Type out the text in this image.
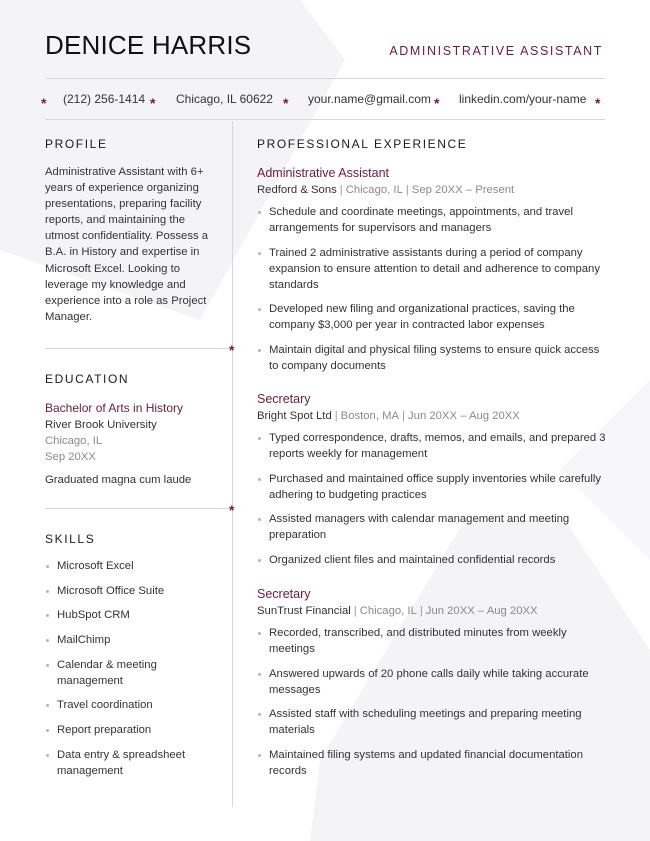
DENICE HARRIS	ADMINISTRATIVE ASSISTANT
* (212) 256-1414 * Chicago, IL 60622 * your.name@gmail.com * linkedin.com/your-name *
PROFILE

Administrative Assistant with 6+ years of experience organizing presentations, preparing facility reports, and maintaining the utmost confidentiality. Possess a B.A. in History and expertise in Microsoft Excel. Looking to leverage my knowledge and experience into a role as Project Manager.

*
EDUCATION
Bachelor of Arts in History
River Brook University
Chicago, IL
Sep 20XX
Graduated magna cum laude
*
SKILLS
Microsoft Excel
Microsoft Office Suite
HubSpot CRM
MailChimp
Calendar & meeting management
Travel coordination
Report preparation
Data entry & spreadsheet management
PROFESSIONAL EXPERIENCE
Administrative Assistant
Redford & Sons | Chicago, IL | Sep 20XX – Present
Schedule and coordinate meetings, appointments, and travel arrangements for supervisors and managers
Trained 2 administrative assistants during a period of company expansion to ensure attention to detail and adherence to company standards
Developed new filing and organizational practices, saving the company $3,000 per year in contracted labor expenses
Maintain digital and physical filing systems to ensure quick access to company documents
Secretary
Bright Spot Ltd | Boston, MA | Jun 20XX – Aug 20XX
Typed correspondence, drafts, memos, and emails, and prepared 3 reports weekly for management
Purchased and maintained office supply inventories while carefully adhering to budgeting practices
Assisted managers with calendar management and meeting preparation
Organized client files and maintained confidential records
Secretary
SunTrust Financial | Chicago, IL | Jun 20XX – Aug 20XX
Recorded, transcribed, and distributed minutes from weekly meetings
Answered upwards of 20 phone calls daily while taking accurate messages
Assisted staff with scheduling meetings and preparing meeting materials
Maintained filing systems and updated financial documentation records
